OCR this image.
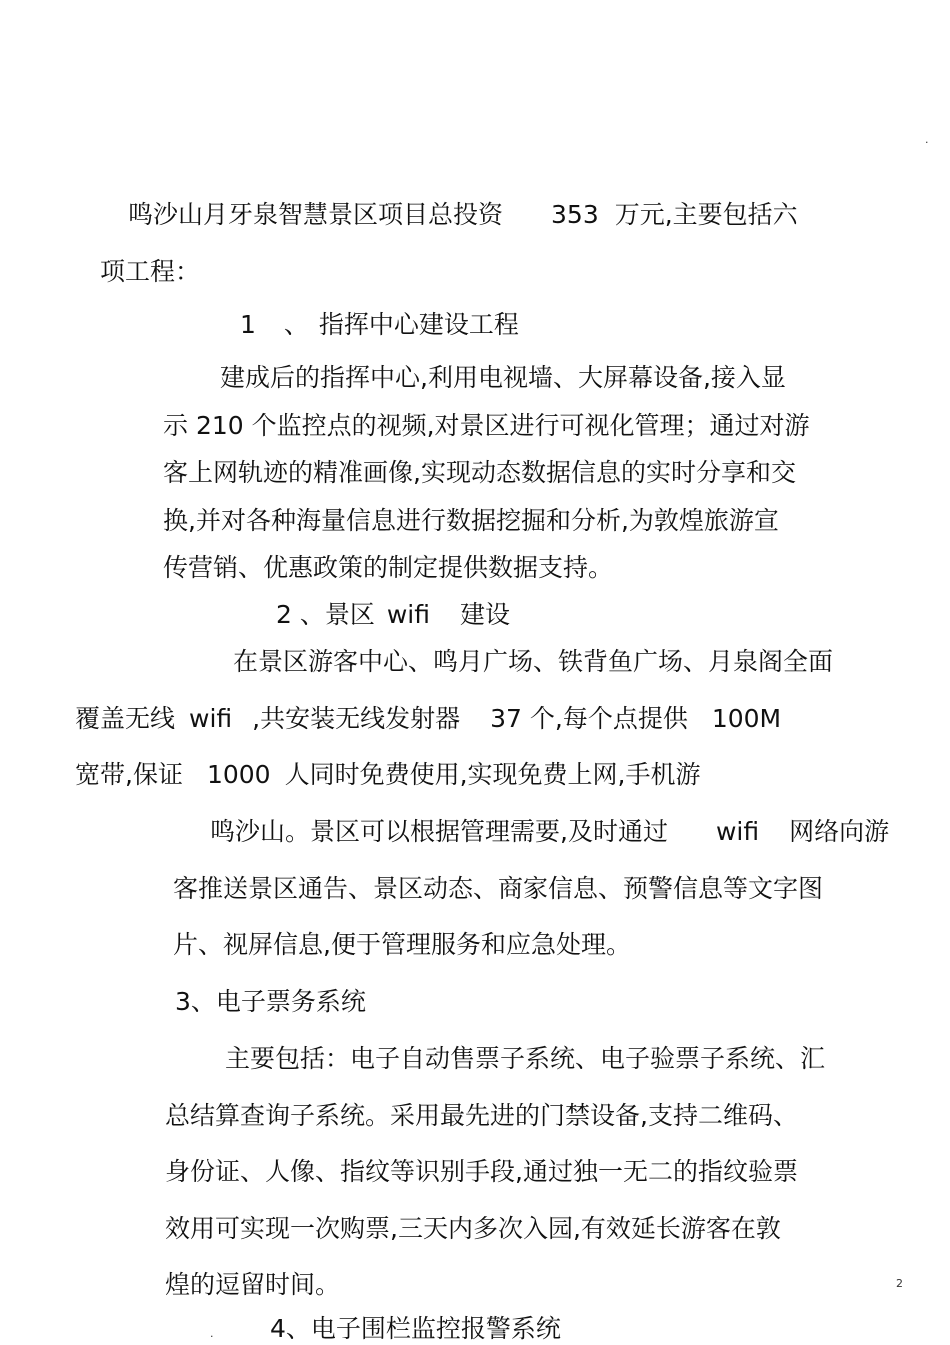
.
鸣沙山月牙泉智慧景区项目总投资 353 万元,主要包括六
项工程：
1 、 指挥中心建设工程
建成后的指挥中心,利用电视墙、大屏幕设备,接入显
示 210 个监控点的视频,对景区进行可视化管理；通过对游
客上网轨迹的精准画像,实现动态数据信息的实时分享和交
换,并对各种海量信息进行数据挖掘和分析,为敦煌旅游宣
传营销、优惠政策的制定提供数据支持。
2 、景区 wifi 建设
在景区游客中心、鸣月广场、铁背鱼广场、月泉阁全面
覆盖无线 wifi ,共安装无线发射器 37 个,每个点提供 100M
宽带,保证 1000 人同时免费使用,实现免费上网,手机游
鸣沙山。景区可以根据管理需要,及时通过 wifi 网络向游
客推送景区通告、景区动态、商家信息、预警信息等文字图
片、视屏信息,便于管理服务和应急处理。
3、电子票务系统
主要包括：电子自动售票子系统、电子验票子系统、汇
总结算查询子系统。采用最先进的门禁设备,支持二维码、
身份证、人像、指纹等识别手段,通过独一无二的指纹验票
效用可实现一次购票,三天内多次入园,有效延长游客在敦
煌的逗留时间。	2
. 4、电子围栏监控报警系统
